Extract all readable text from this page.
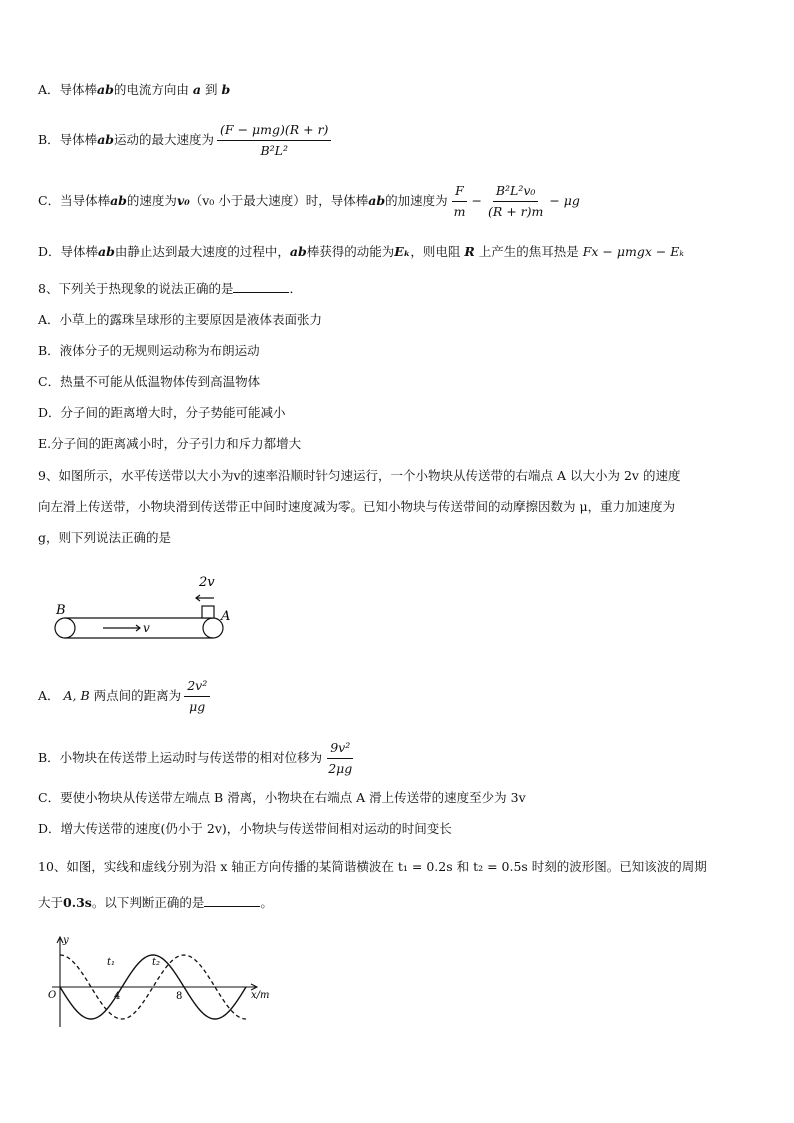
A．导体棒ab的电流方向由 a 到 b
B．导体棒ab运动的最大速度为 $\frac{\text{(F − μmg)(R + r)}}{\text{B²L²}}$
C．当导体棒ab的速度为v₀（v₀ 小于最大速度）时，导体棒ab的加速度为 $\frac{F}{m} - \frac{\text{B²L²v₀}}{(R + r)m} - \mu g$
D．导体棒ab由静止达到最大速度的过程中，ab棒获得的动能为Eₖ，则电阻 R 上产生的焦耳热是 Fx − μmgx − Eₖ
8、下列关于热现象的说法正确的是	．
A．小草上的露珠呈球形的主要原因是液体表面张力
B．液体分子的无规则运动称为布朗运动
C．热量不可能从低温物体传到高温物体
D．分子间的距离增大时，分子势能可能减小
E.分子间的距离减小时，分子引力和斥力都增大
9、如图所示，水平传送带以大小为v的速率沿顺时针匀速运行，一个小物块从传送带的右端点 A 以大小为 2v 的速度
向左滑上传送带，小物块滑到传送带正中间时速度减为零。已知小物块与传送带间的动摩擦因数为 μ，重力加速度为
g，则下列说法正确的是
2v
v
B	A
A． A, B 两点间的距离为 $\frac{\text{2v²}}{\mu g}$
B．小物块在传送带上运动时与传送带的相对位移为 $\frac{\text{9v²}}{2\mu g}$
C．要使小物块从传送带左端点 B 滑离，小物块在右端点 A 滑上传送带的速度至少为 3v
D．增大传送带的速度(仍小于 2v)，小物块与传送带间相对运动的时间变长
10、如图，实线和虚线分别为沿 x 轴正方向传播的某简谐横波在 t₁ = 0.2s 和 t₂ = 0.5s 时刻的波形图。已知该波的周期
大于0.3s。以下判断正确的是	。
y
x/m
O	4	8
t₁	t₂
